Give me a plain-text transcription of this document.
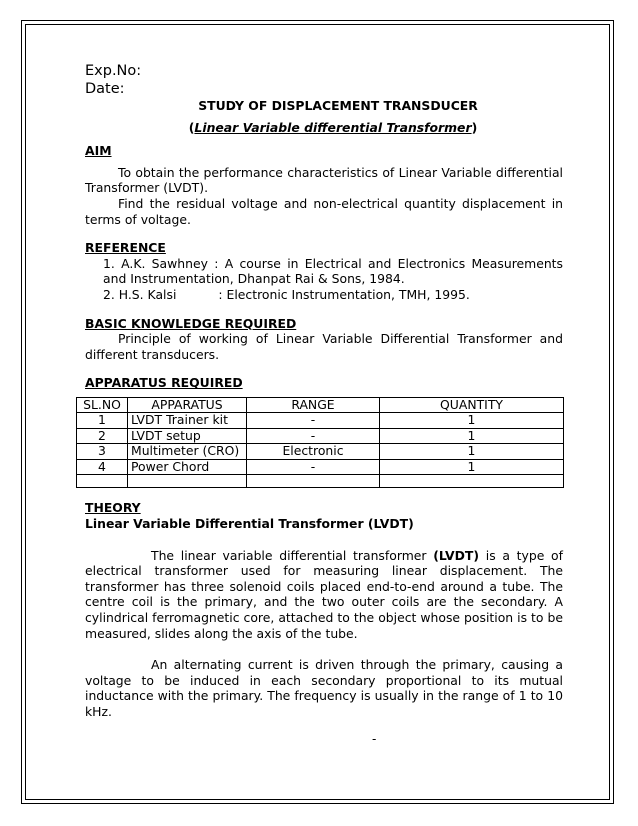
Exp.No:
Date:
STUDY OF DISPLACEMENT TRANSDUCER
(Linear Variable differential Transformer)
AIM
To obtain the performance characteristics of Linear Variable differential Transformer (LVDT).
Find the residual voltage and non-electrical quantity displacement in terms of voltage.
REFERENCE
1. A.K. Sawhney : A course in Electrical and Electronics Measurements and Instrumentation, Dhanpat Rai & Sons, 1984.
2. H.S. Kalsi	: Electronic Instrumentation, TMH, 1995.
BASIC KNOWLEDGE REQUIRED
Principle of working of Linear Variable Differential Transformer and different transducers.
APPARATUS REQUIRED
SL.NO	APPARATUS	RANGE	QUANTITY
1	LVDT Trainer kit	-	1
2	LVDT setup	-	1
3	Multimeter (CRO)	Electronic	1
4	Power Chord	-	1

THEORY
Linear Variable Differential Transformer (LVDT)
The linear variable differential transformer (LVDT) is a type of electrical transformer used for measuring linear displacement. The transformer has three solenoid coils placed end-to-end around a tube. The centre coil is the primary, and the two outer coils are the secondary. A cylindrical ferromagnetic core, attached to the object whose position is to be measured, slides along the axis of the tube.
An alternating current is driven through the primary, causing a voltage to be induced in each secondary proportional to its mutual inductance with the primary. The frequency is usually in the range of 1 to 10 kHz.
-
